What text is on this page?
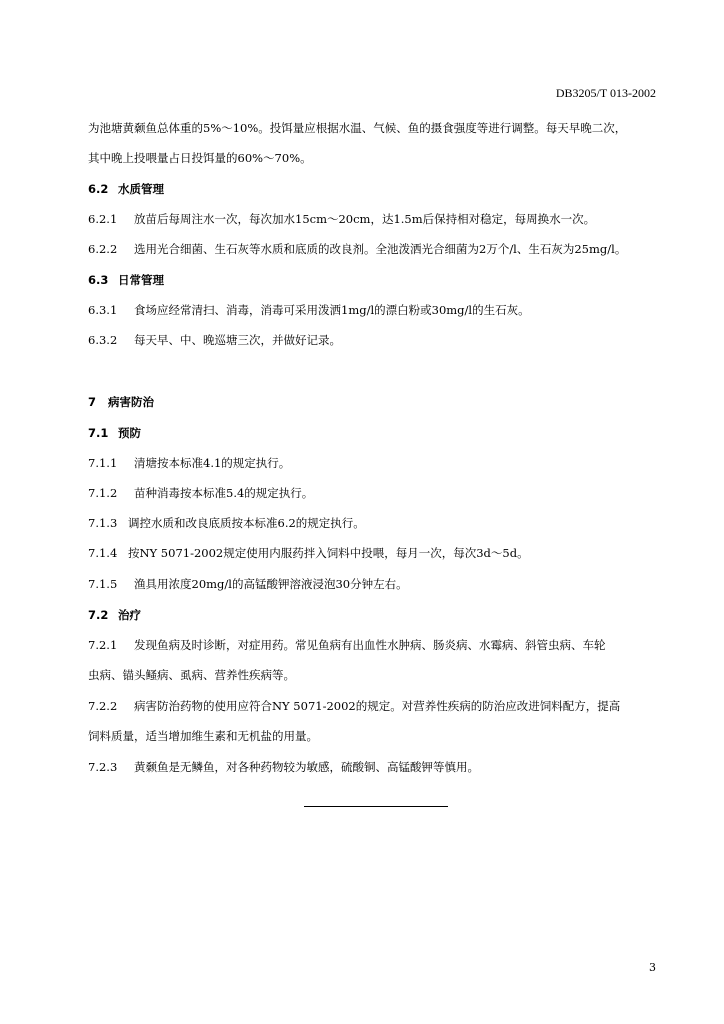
DB3205/T 013-2002
为池塘黄颡鱼总体重的5%～10%。投饵量应根据水温、气候、鱼的摄食强度等进行调整。每天早晚二次，
其中晚上投喂量占日投饵量的60%～70%。
6.2 水质管理
6.2.1 放苗后每周注水一次，每次加水15cm～20cm，达1.5m后保持相对稳定，每周换水一次。
6.2.2 选用光合细菌、生石灰等水质和底质的改良剂。全池泼洒光合细菌为2万个/l、生石灰为25mg/l。
6.3 日常管理
6.3.1 食场应经常清扫、消毒，消毒可采用泼洒1mg/l的漂白粉或30mg/l的生石灰。
6.3.2 每天早、中、晚巡塘三次，并做好记录。
7 病害防治
7.1 预防
7.1.1 清塘按本标准4.1的规定执行。
7.1.2 苗种消毒按本标准5.4的规定执行。
7.1.3 调控水质和改良底质按本标准6.2的规定执行。
7.1.4 按NY 5071-2002规定使用内服药拌入饲料中投喂，每月一次，每次3d～5d。
7.1.5 渔具用浓度20mg/l的高锰酸钾溶液浸泡30分钟左右。
7.2 治疗
7.2.1 发现鱼病及时诊断，对症用药。常见鱼病有出血性水肿病、肠炎病、水霉病、斜管虫病、车轮
虫病、锚头鳋病、虱病、营养性疾病等。
7.2.2 病害防治药物的使用应符合NY 5071-2002的规定。对营养性疾病的防治应改进饲料配方，提高
饲料质量，适当增加维生素和无机盐的用量。
7.2.3 黄颡鱼是无鳞鱼，对各种药物较为敏感，硫酸铜、高锰酸钾等慎用。
3
